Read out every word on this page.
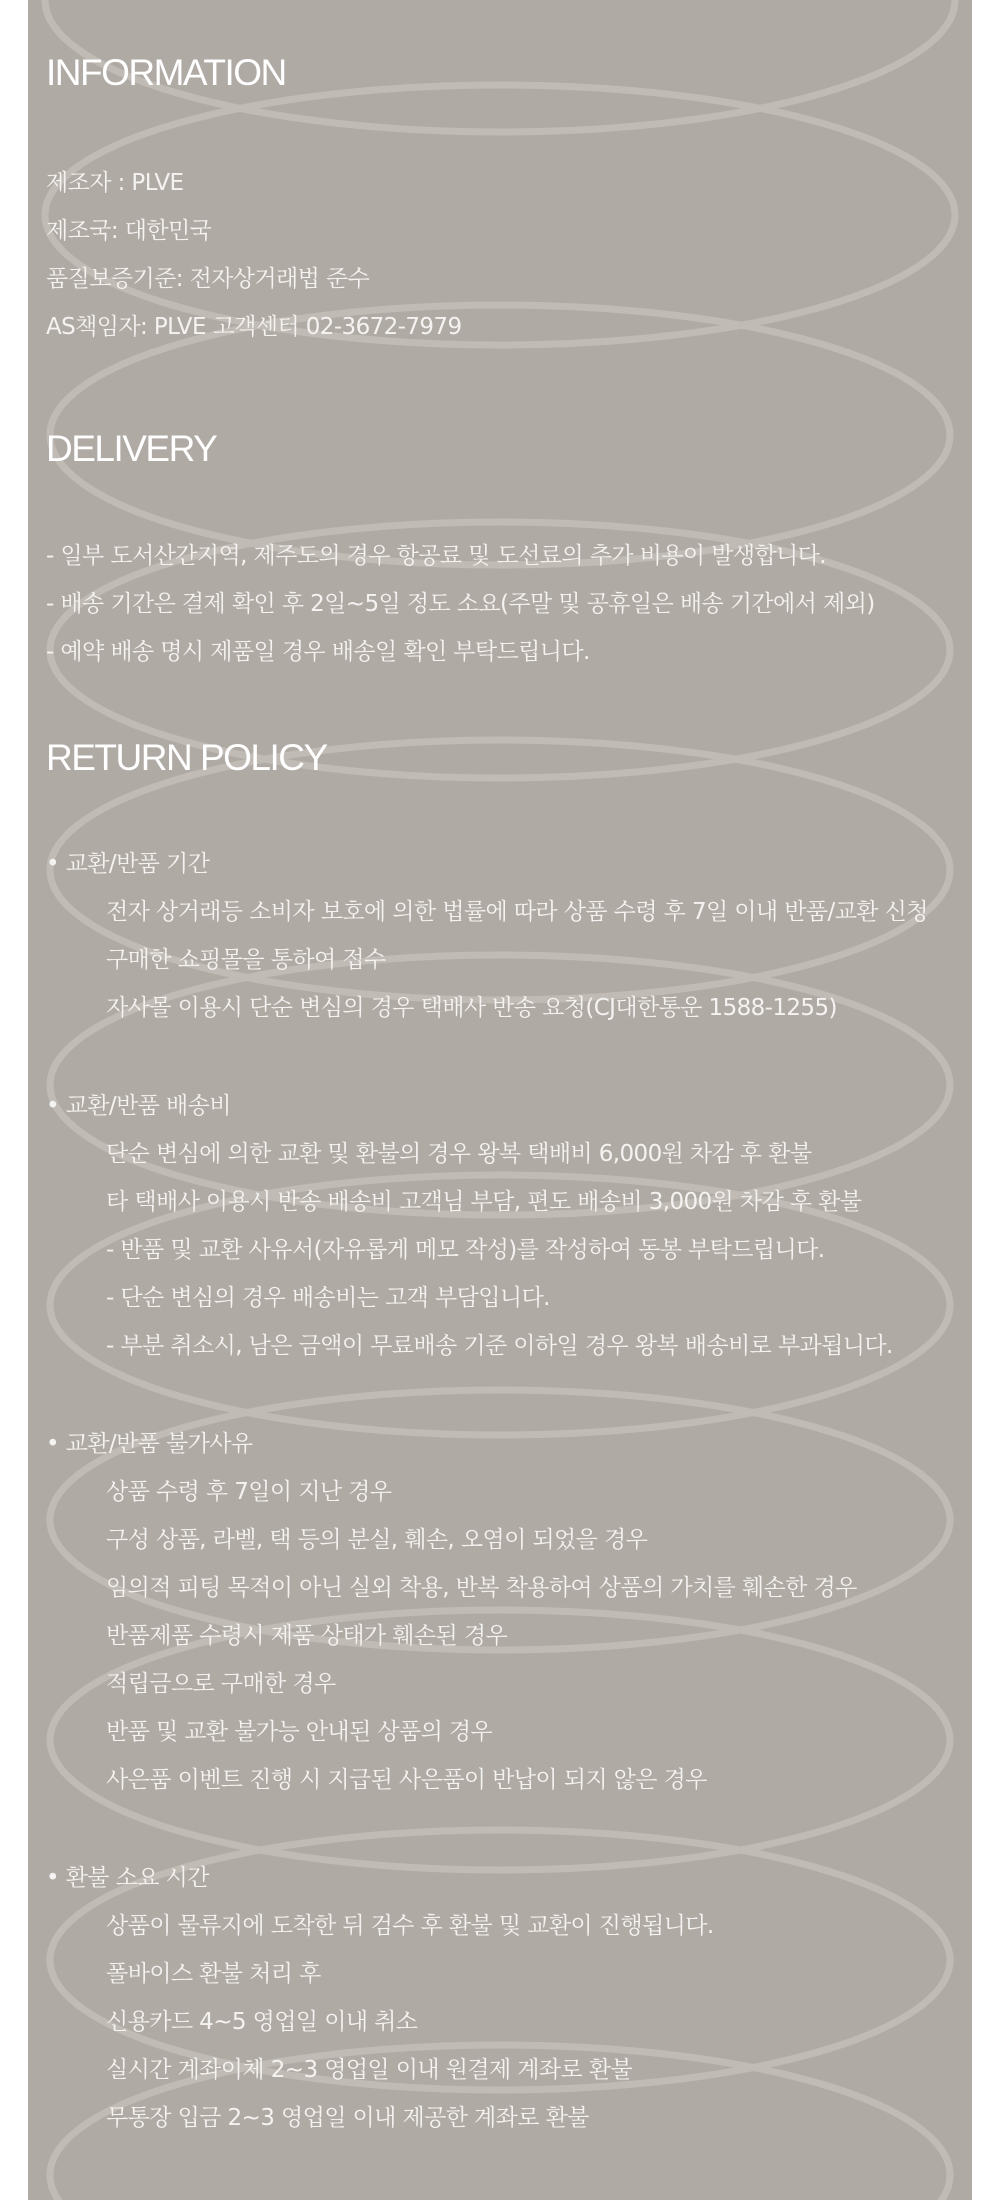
INFORMATION
제조자 : PLVE
제조국: 대한민국
품질보증기준: 전자상거래법 준수
AS책임자: PLVE 고객센터 02-3672-7979
DELIVERY
- 일부 도서산간지역, 제주도의 경우 항공료 및 도선료의 추가 비용이 발생합니다.
- 배송 기간은 결제 확인 후 2일~5일 정도 소요(주말 및 공휴일은 배송 기간에서 제외)
- 예약 배송 명시 제품일 경우 배송일 확인 부탁드립니다.
RETURN POLICY
• 교환/반품 기간
전자 상거래등 소비자 보호에 의한 법률에 따라 상품 수령 후 7일 이내 반품/교환 신청
구매한 쇼핑몰을 통하여 접수
자사몰 이용시 단순 변심의 경우 택배사 반송 요청(CJ대한통운 1588-1255)
• 교환/반품 배송비
단순 변심에 의한 교환 및 환불의 경우 왕복 택배비 6,000원 차감 후 환불
타 택배사 이용시 반송 배송비 고객님 부담, 편도 배송비 3,000원 차감 후 환불
- 반품 및 교환 사유서(자유롭게 메모 작성)를 작성하여 동봉 부탁드립니다.
- 단순 변심의 경우 배송비는 고객 부담입니다.
- 부분 취소시, 남은 금액이 무료배송 기준 이하일 경우 왕복 배송비로 부과됩니다.
• 교환/반품 불가사유
상품 수령 후 7일이 지난 경우
구성 상품, 라벨, 택 등의 분실, 훼손, 오염이 되었을 경우
임의적 피팅 목적이 아닌 실외 착용, 반복 착용하여 상품의 가치를 훼손한 경우
반품제품 수령시 제품 상태가 훼손된 경우
적립금으로 구매한 경우
반품 및 교환 불가능 안내된 상품의 경우
사은품 이벤트 진행 시 지급된 사은품이 반납이 되지 않은 경우
• 환불 소요 시간
상품이 물류지에 도착한 뒤 검수 후 환불 및 교환이 진행됩니다.
폴바이스 환불 처리 후
신용카드 4~5 영업일 이내 취소
실시간 계좌이체 2~3 영업일 이내 원결제 계좌로 환불
무통장 입금 2~3 영업일 이내 제공한 계좌로 환불
